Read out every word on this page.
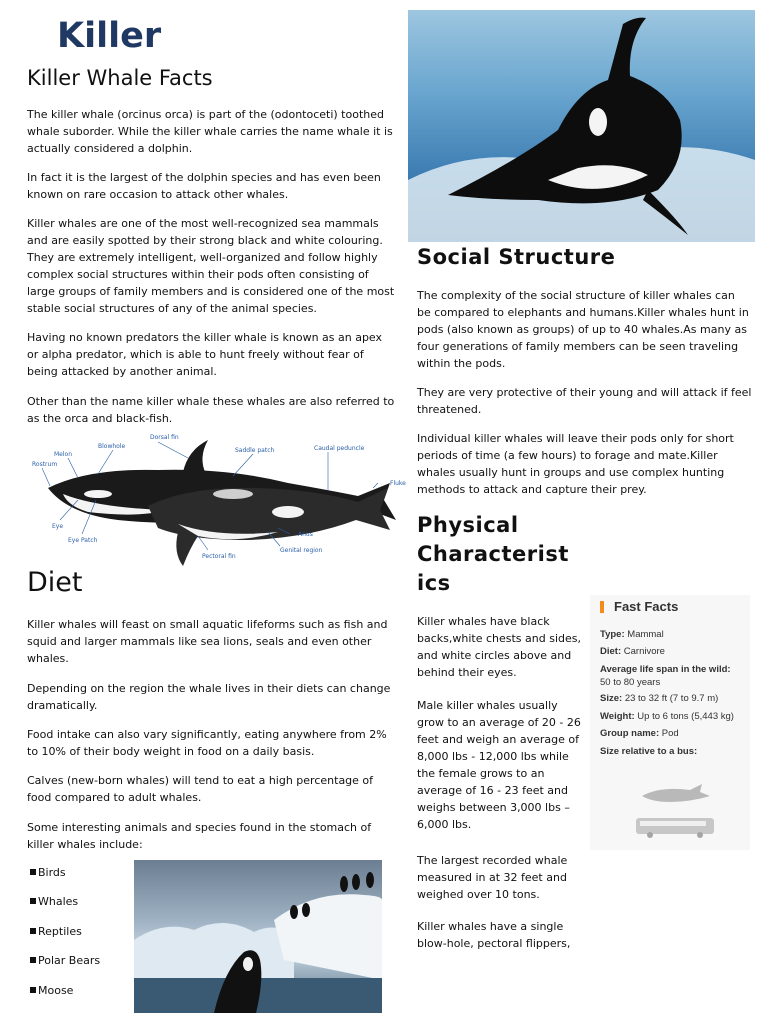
Killer
Killer Whale Facts

The killer whale (orcinus orca) is part of the (odontoceti) toothed whale suborder. While the killer whale carries the name whale it is actually considered a dolphin.

In fact it is the largest of the dolphin species and has even been known on rare occasion to attack other whales.

Killer whales are one of the most well-recognized sea mammals and are easily spotted by their strong black and white colouring. They are extremely intelligent, well-organized and follow highly complex social structures within their pods often consisting of large groups of family members and is considered one of the most stable social structures of any of the animal species.

Having no known predators the killer whale is known as an apex or alpha predator, which is able to hunt freely without fear of being attacked by another animal.

Other than the name killer whale these whales are also referred to as the orca and black-fish.

Dorsal fin
Blowhole
Melon
Rostrum
Saddle patch	Caudal peduncle
Fluke
Eye
Eye Patch
Pectoral fin
Genital region
Anus
Diet

Killer whales will feast on small aquatic lifeforms such as fish and squid and larger mammals like sea lions, seals and even other whales.

Depending on the region the whale lives in their diets can change dramatically.

Food intake can also vary significantly, eating anywhere from 2% to 10% of their body weight in food on a daily basis.

Calves (new-born whales) will tend to eat a high percentage of food compared to adult whales.

Some interesting animals and species found in the stomach of killer whales include:

Birds
Whales
Reptiles
Polar Bears
Moose
Social Structure

The complexity of the social structure of killer whales can be compared to elephants and humans.Killer whales hunt in pods (also known as groups) of up to 40 whales.As many as four generations of family members can be seen traveling within the pods.

They are very protective of their young and will attack if feel threatened.

Individual killer whales will leave their pods only for short periods of time (a few hours) to forage and mate.Killer whales usually hunt in groups and use complex hunting methods to attack and capture their prey.

Physical Characterist ics

Killer whales have black backs,white chests and sides, and white circles above and behind their eyes.

Male killer whales usually grow to an average of 20 - 26 feet and weigh an average of 8,000 lbs - 12,000 lbs while the female grows to an average of 16 - 23 feet and weighs between 3,000 lbs – 6,000 lbs.

The largest recorded whale measured in at 32 feet and weighed over 10 tons.

Killer whales have a single blow-hole, pectoral flippers,

Fast Facts
Type: Mammal
Diet: Carnivore
Average life span in the wild:
50 to 80 years
Size: 23 to 32 ft (7 to 9.7 m)
Weight: Up to 6 tons (5,443 kg)
Group name: Pod
Size relative to a bus:
